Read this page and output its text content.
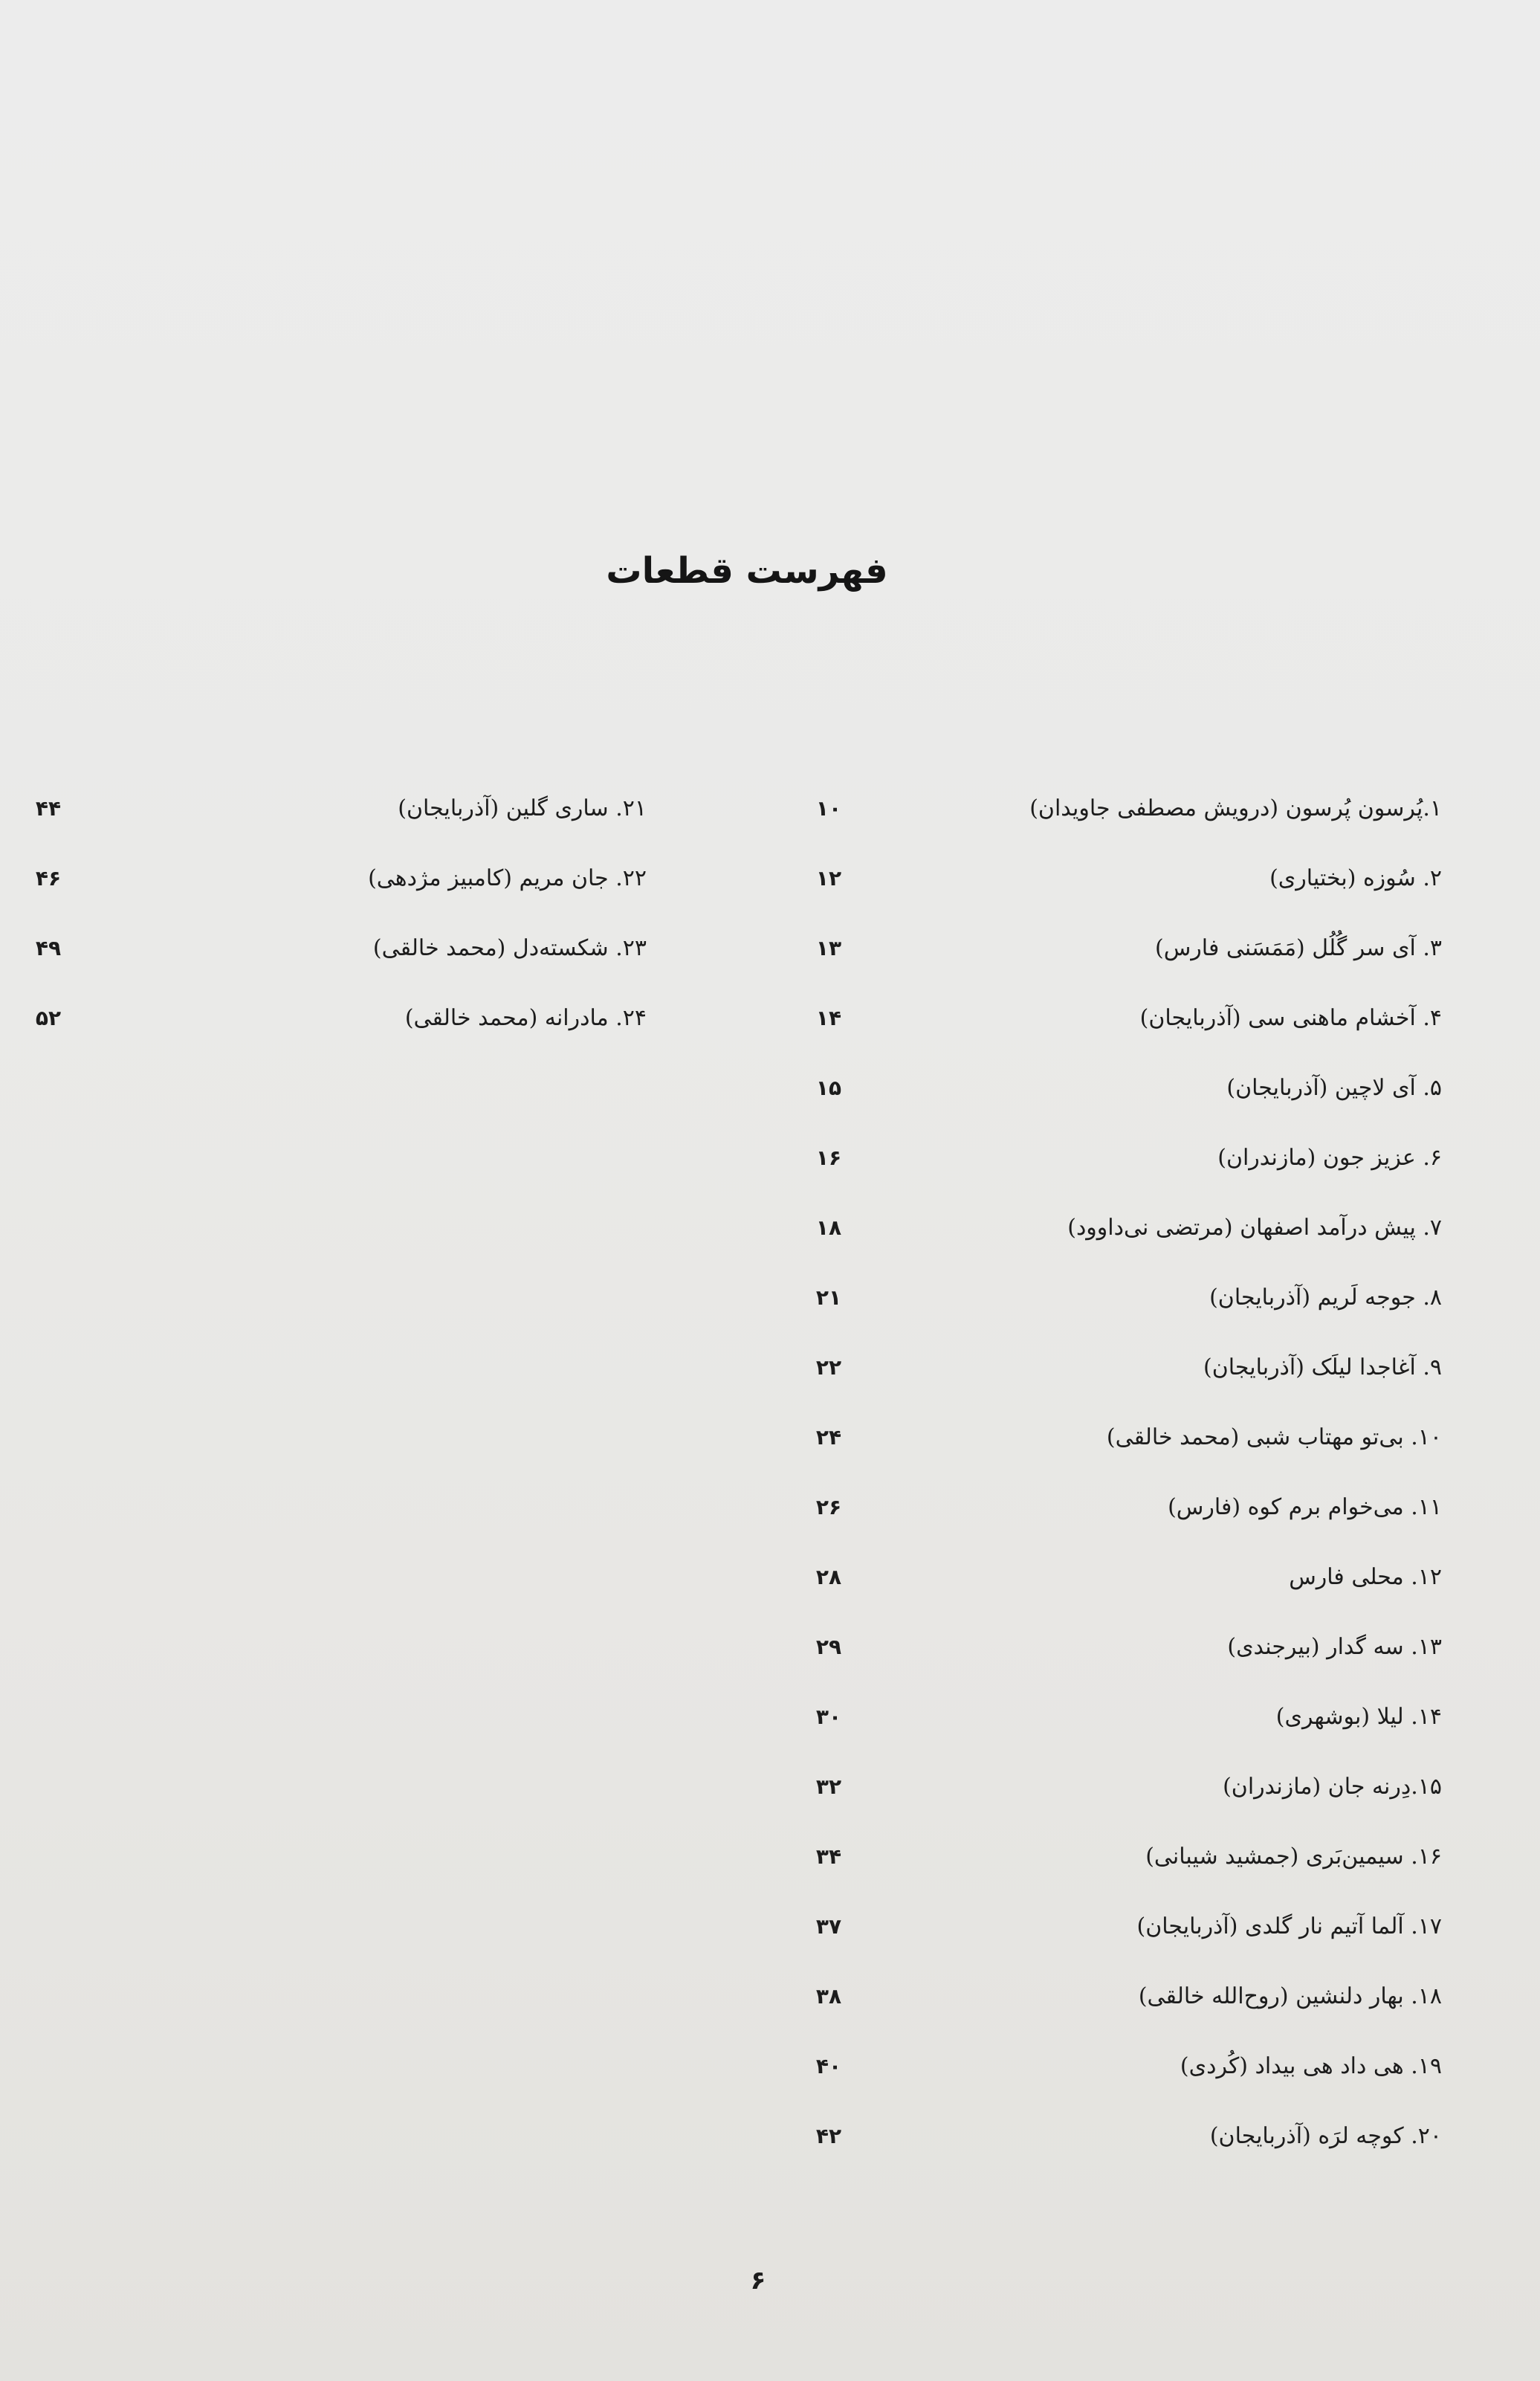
فهرست قطعات
۱.پُرسون پُرسون (درویش مصطفی جاویدان)
۱۰
۲. سُوزه (بختیاری)
۱۲
۳. آی سر گُلُل (مَمَسَنی فارس)
۱۳
۴. آخشام ماهنی سی (آذربایجان)
۱۴
۵. آی لاچین (آذربایجان)
۱۵
۶. عزیز جون (مازندران)
۱۶
۷. پیش درآمد اصفهان (مرتضی نی‌داوود)
۱۸
۸. جوجه لَریم (آذربایجان)
۲۱
۹. آغاجدا لیلَک (آذربایجان)
۲۲
۱۰. بی‌تو مهتاب شبی (محمد خالقی)
۲۴
۱۱. می‌خوام برم کوه (فارس)
۲۶
۱۲. محلی فارس
۲۸
۱۳. سه گدار (بیرجندی)
۲۹
۱۴. لیلا (بوشهری)
۳۰
۱۵.دِرنه جان (مازندران)
۳۲
۱۶. سیمین‌بَری (جمشید شیبانی)
۳۴
۱۷. آلما آتیم نار گلدی (آذربایجان)
۳۷
۱۸. بهار دلنشین (روح‌الله خالقی)
۳۸
۱۹. هی داد هی بیداد (کُردی)
۴۰
۲۰. کوچه لرَه (آذربایجان)
۴۲
۲۱. ساری گلین (آذربایجان)
۴۴
۲۲. جان مریم (کامبیز مژدهی)
۴۶
۲۳. شکسته‌دل (محمد خالقی)
۴۹
۲۴. مادرانه (محمد خالقی)
۵۲
۶
